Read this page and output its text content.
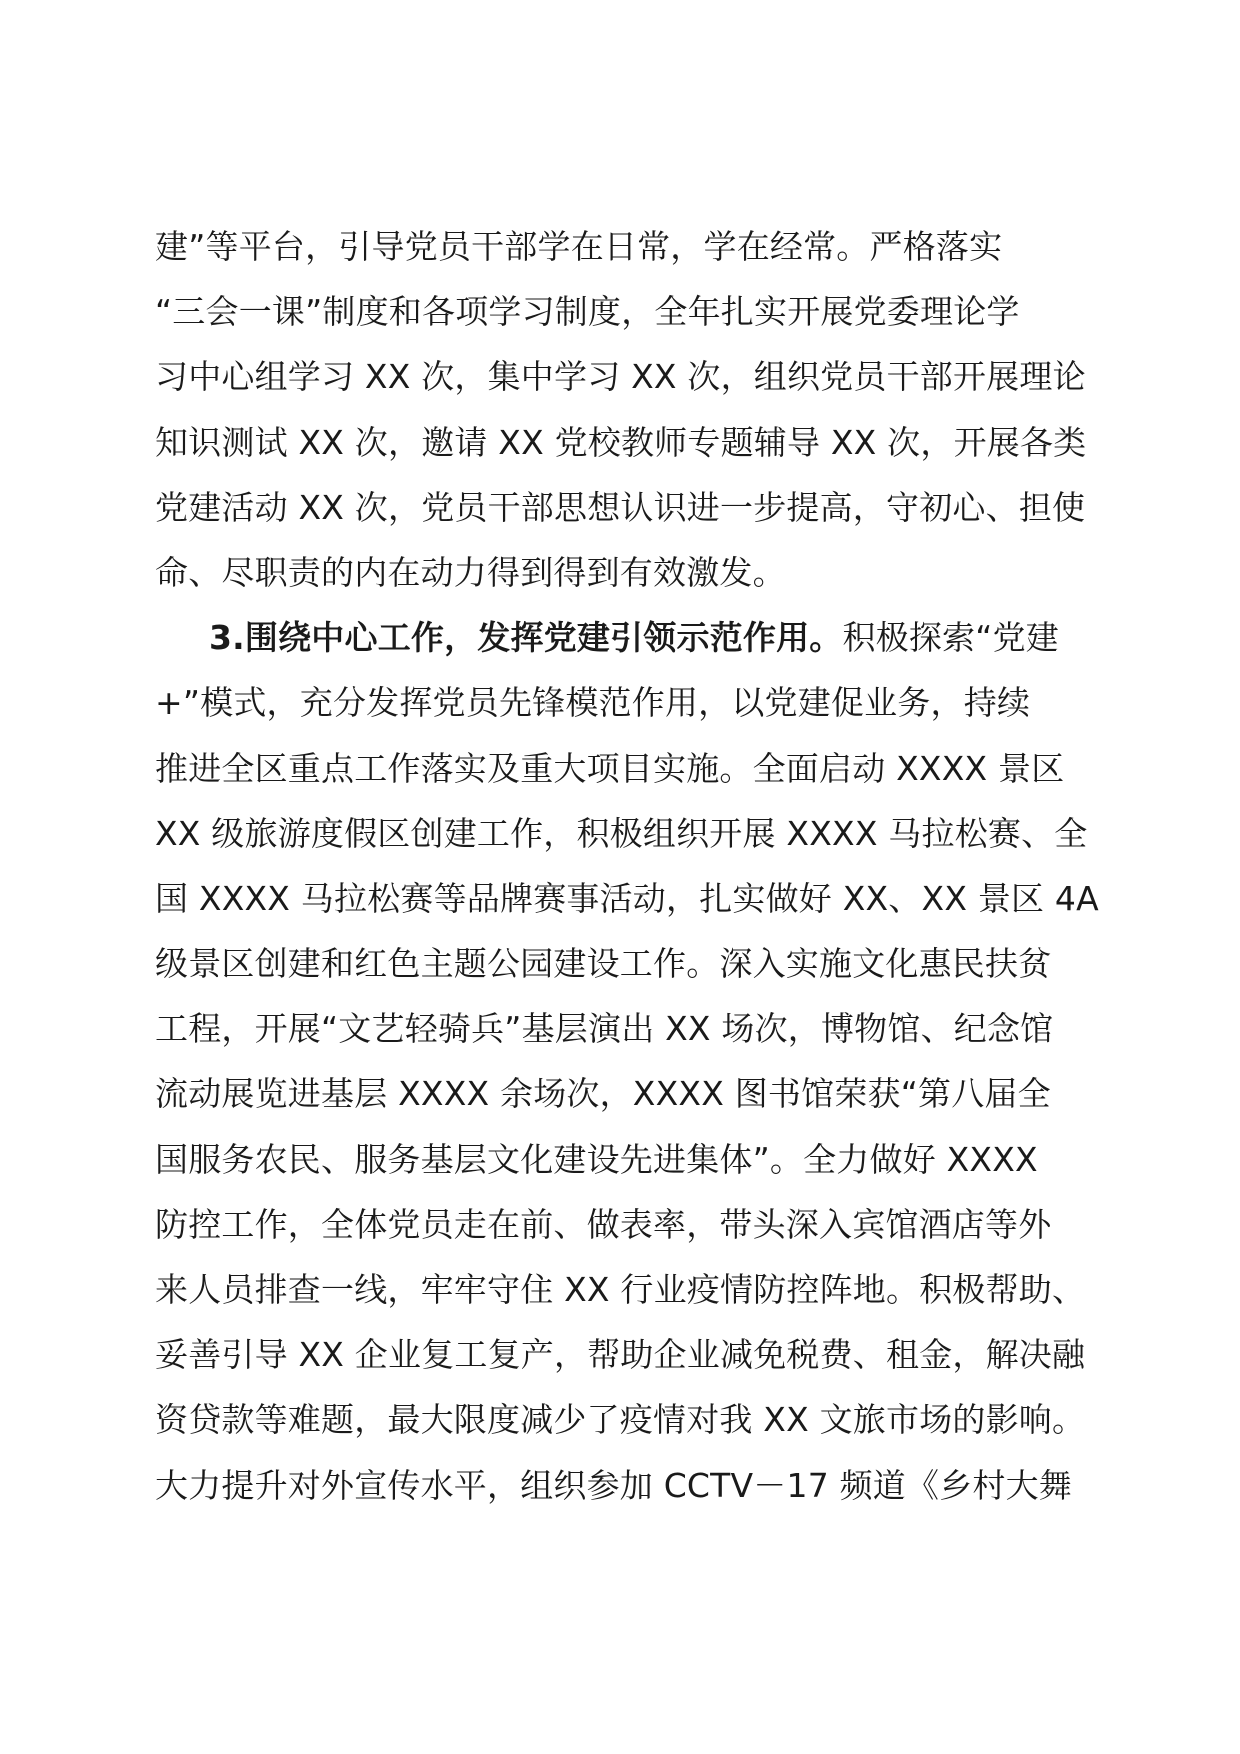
建”等平台，引导党员干部学在日常，学在经常。严格落实
“三会一课”制度和各项学习制度，全年扎实开展党委理论学
习中心组学习 XX 次，集中学习 XX 次，组织党员干部开展理论
知识测试 XX 次，邀请 XX 党校教师专题辅导 XX 次，开展各类
党建活动 XX 次，党员干部思想认识进一步提高，守初心、担使
命、尽职责的内在动力得到得到有效激发。
3.围绕中心工作，发挥党建引领示范作用。积极探索“党建
+”模式，充分发挥党员先锋模范作用，以党建促业务，持续
推进全区重点工作落实及重大项目实施。全面启动 XXXX 景区
XX 级旅游度假区创建工作，积极组织开展 XXXX 马拉松赛、全
国 XXXX 马拉松赛等品牌赛事活动，扎实做好 XX、XX 景区 4A
级景区创建和红色主题公园建设工作。深入实施文化惠民扶贫
工程，开展“文艺轻骑兵”基层演出 XX 场次，博物馆、纪念馆
流动展览进基层 XXXX 余场次，XXXX 图书馆荣获“第八届全
国服务农民、服务基层文化建设先进集体”。全力做好 XXXX
防控工作，全体党员走在前、做表率，带头深入宾馆酒店等外
来人员排查一线，牢牢守住 XX 行业疫情防控阵地。积极帮助、
妥善引导 XX 企业复工复产，帮助企业减免税费、租金，解决融
资贷款等难题，最大限度减少了疫情对我 XX 文旅市场的影响。
大力提升对外宣传水平，组织参加 CCTV－17 频道《乡村大舞
